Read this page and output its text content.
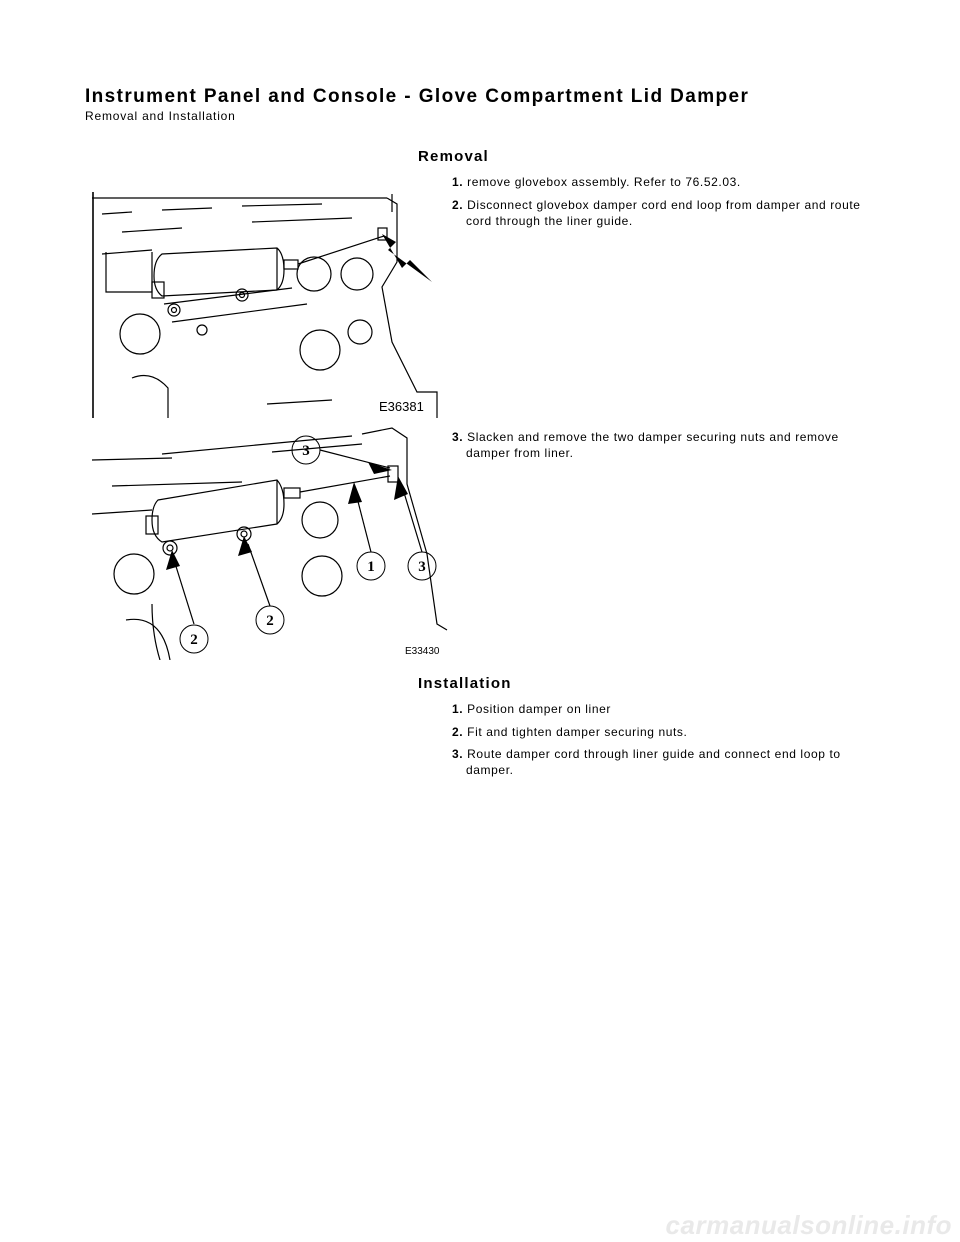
Instrument Panel and Console - Glove Compartment Lid Damper
Removal and Installation
Removal
E36381
1. remove glovebox assembly. Refer to 76.52.03.
2. Disconnect glovebox damper cord end loop from damper and route cord through the liner guide.
E33430
3
1	3
2
2
3. Slacken and remove the two damper securing nuts and remove damper from liner.
Installation
1. Position damper on liner
2. Fit and tighten damper securing nuts.
3. Route damper cord through liner guide and connect end loop to damper.
carmanualsonline.info
